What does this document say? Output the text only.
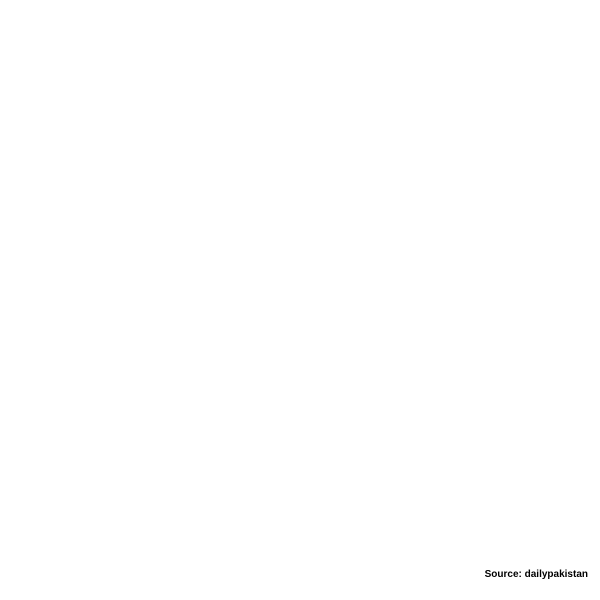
Source: dailypakistan
